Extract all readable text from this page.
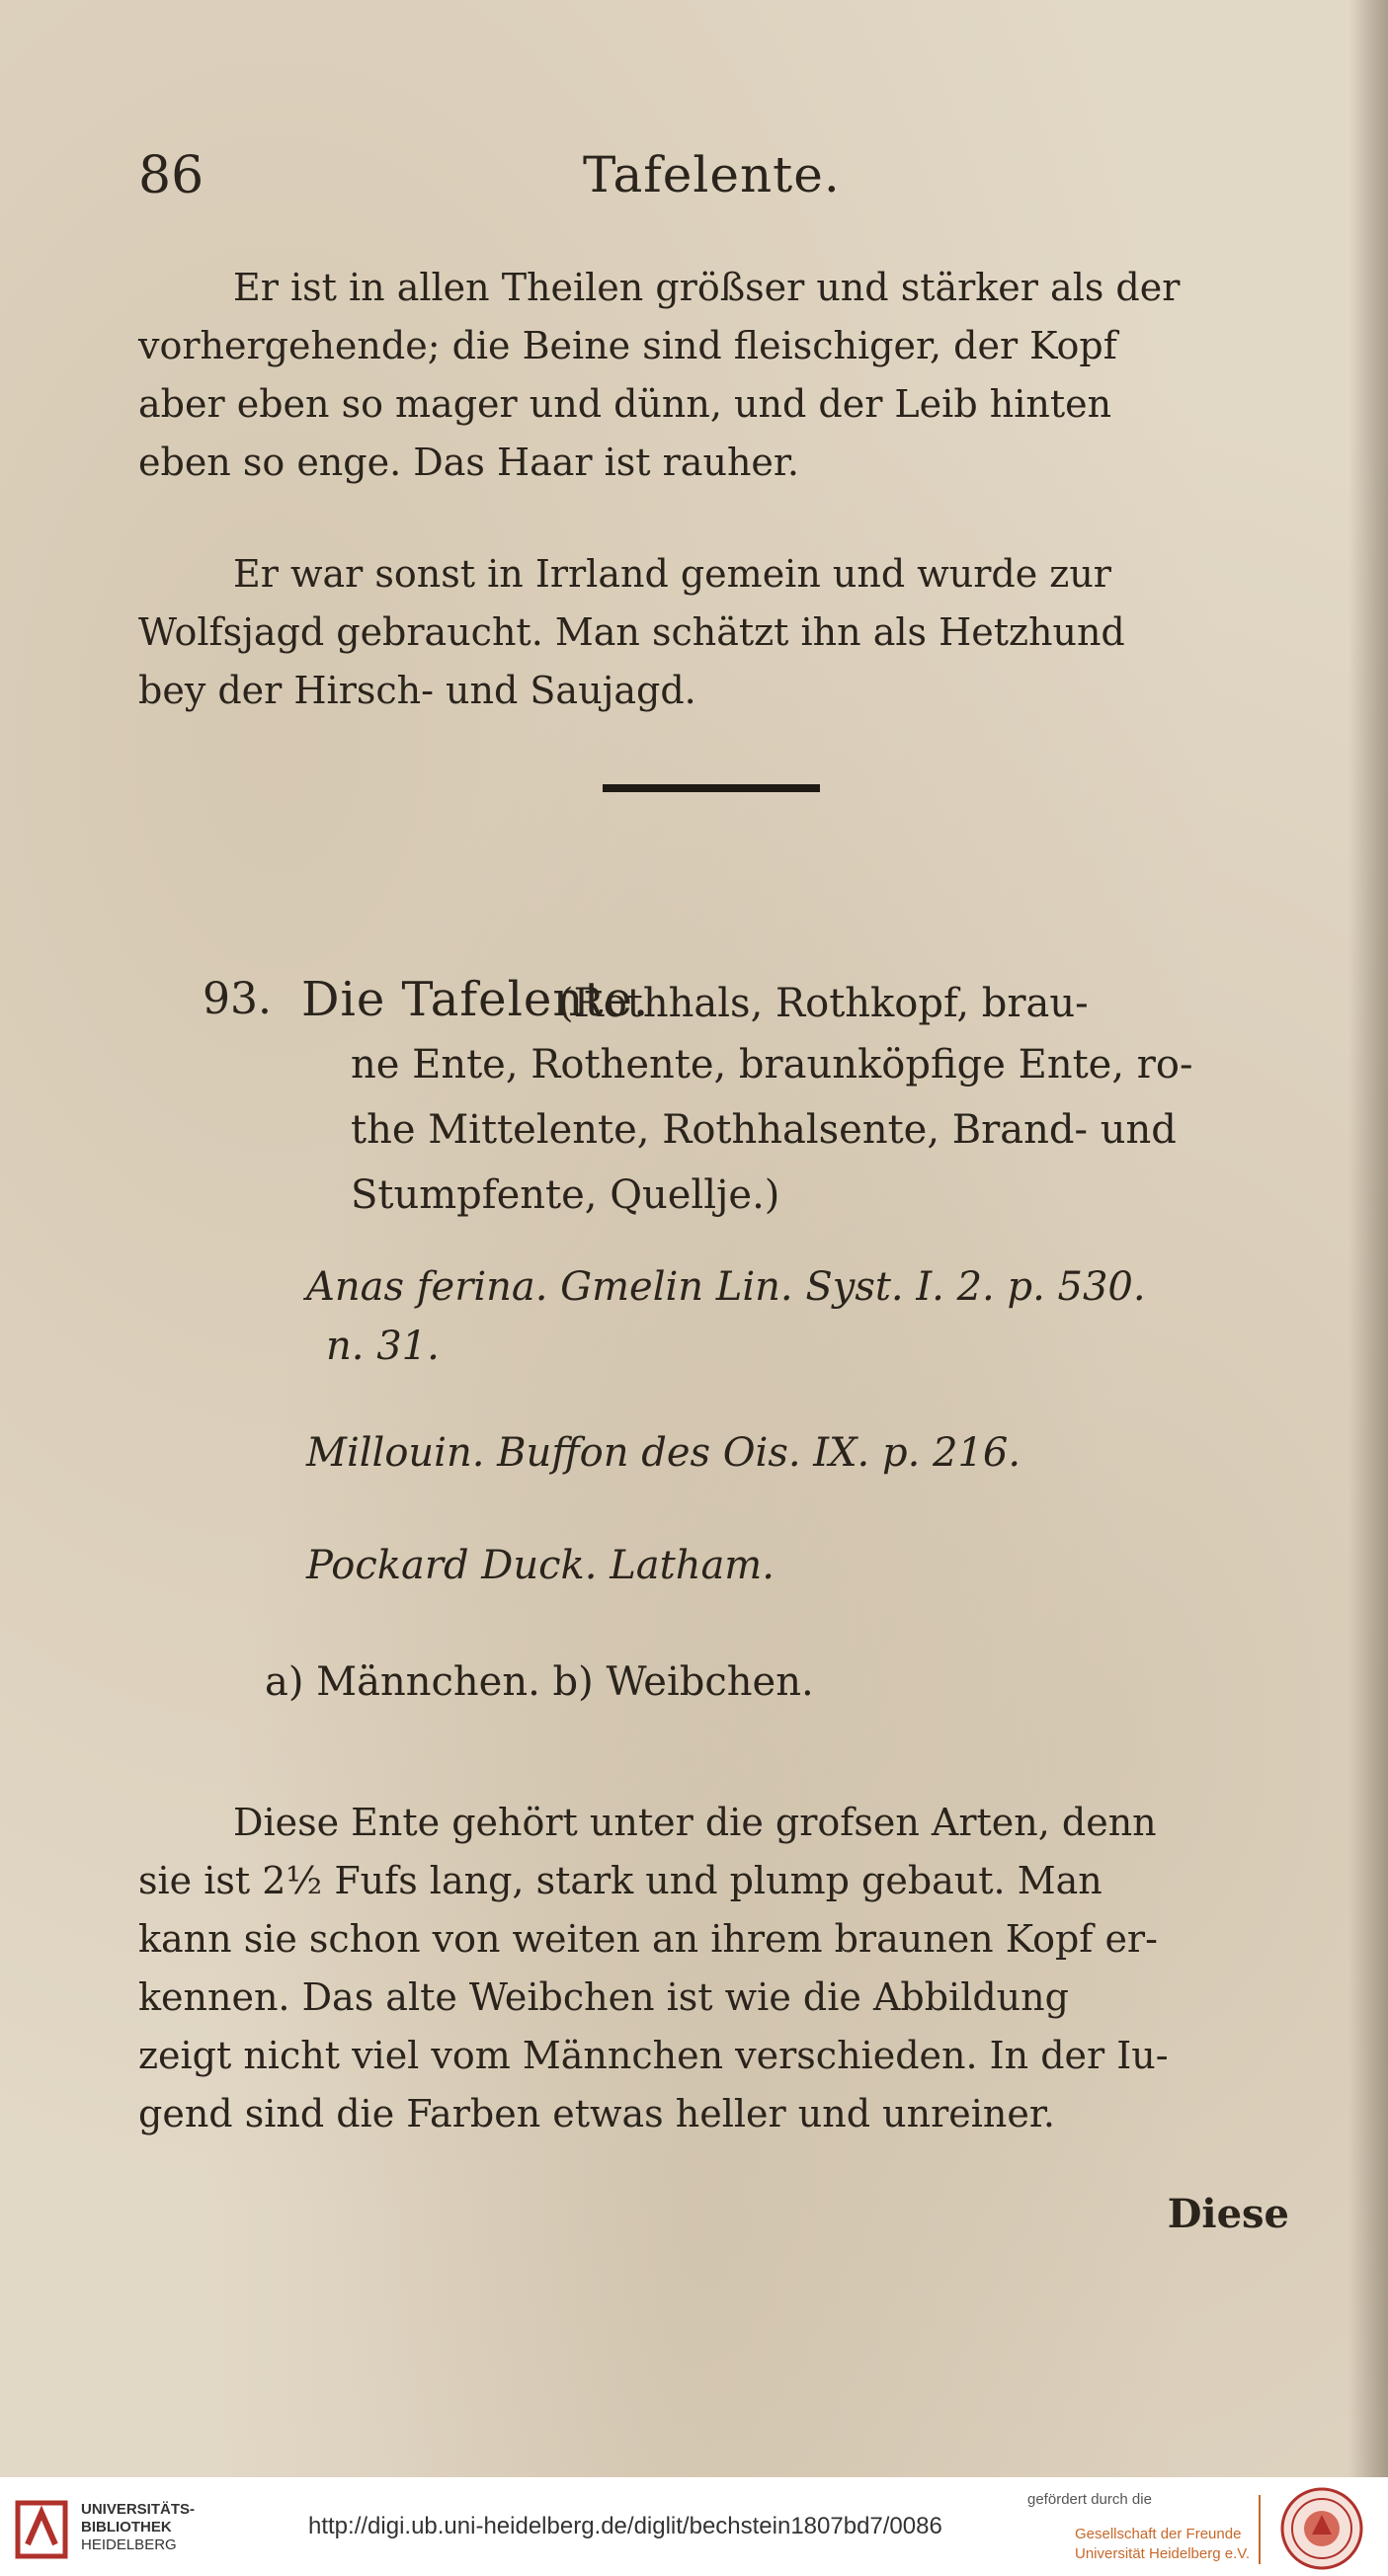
86	Tafelente.
Er ist in allen Theilen größser und stärker als der
vorhergehende; die Beine sind fleischiger, der Kopf
aber eben so mager und dünn, und der Leib hinten
eben so enge. Das Haar ist rauher.
Er war sonst in Irrland gemein und wurde zur
Wolfsjagd gebraucht. Man schätzt ihn als Hetzhund
bey der Hirsch- und Saujagd.
93. Die Tafelente.
(Rothhals, Rothkopf, brau-
ne Ente, Rothente, braunköpfige Ente, ro-
the Mittelente, Rothhalsente, Brand- und
Stumpfente, Quellje.)
Anas ferina. Gmelin Lin. Syst. I. 2. p. 530.
n. 31.
Millouin. Buffon des Ois. IX. p. 216.
Pockard Duck. Latham.
a) Männchen. b) Weibchen.
Diese Ente gehört unter die grofsen Arten, denn
sie ist 2½ Fufs lang, stark und plump gebaut. Man
kann sie schon von weiten an ihrem braunen Kopf er-
kennen. Das alte Weibchen ist wie die Abbildung
zeigt nicht viel vom Männchen verschieden. In der Iu-
gend sind die Farben etwas heller und unreiner.
Diese
UNIVERSITÄTS-
BIBLIOTHEK
HEIDELBERG
http://digi.ub.uni-heidelberg.de/diglit/bechstein1807bd7/0086
gefördert durch die
Gesellschaft der Freunde
Universität Heidelberg e.V.
